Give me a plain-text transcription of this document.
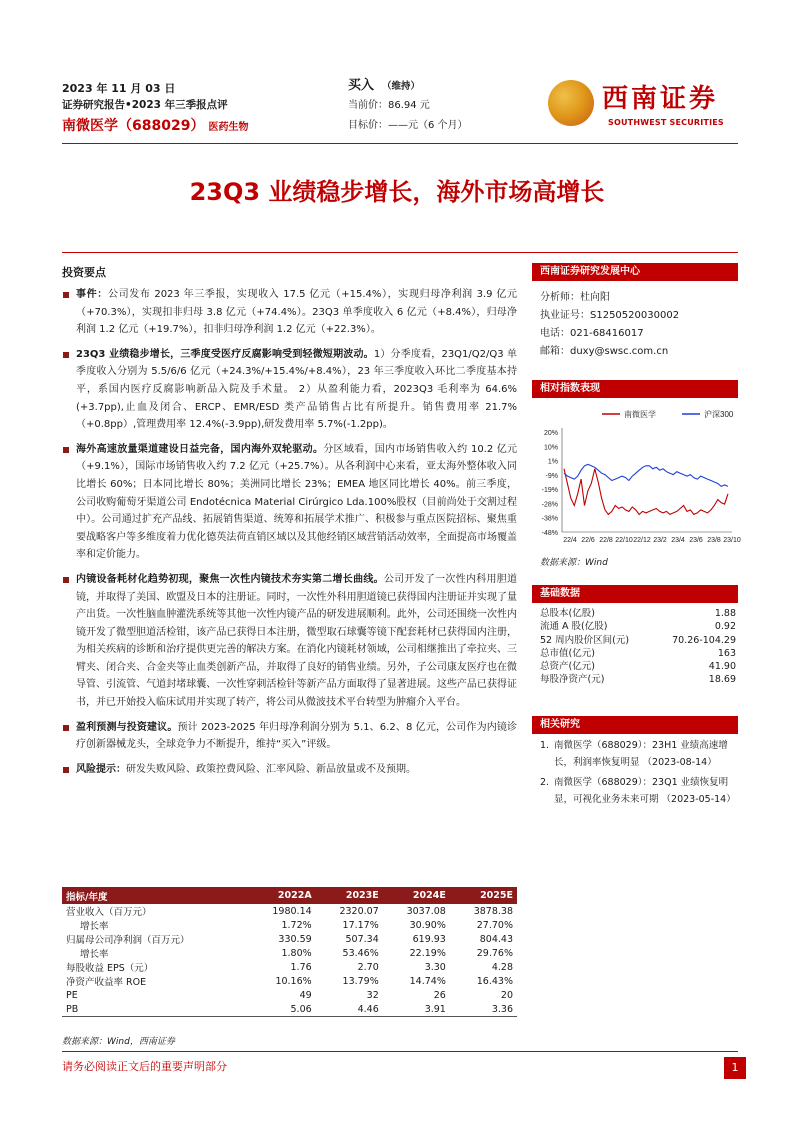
2023 年 11 月 03 日
证券研究报告•2023 年三季报点评
南微医学（688029） 医药生物
买入 （维持）
当前价：86.94 元
目标价：——元（6 个月）
西南证券
SOUTHWEST SECURITIES
23Q3 业绩稳步增长，海外市场高增长
投资要点

事件：公司发布 2023 年三季报，实现收入 17.5 亿元（+15.4%），实现归母净利润 3.9 亿元（+70.3%），实现扣非归母 3.8 亿元（+74.4%）。23Q3 单季度收入 6 亿元（+8.4%），归母净利润 1.2 亿元（+19.7%），扣非归母净利润 1.2 亿元（+22.3%）。

23Q3 业绩稳步增长，三季度受医疗反腐影响受到轻微短期波动。1）分季度看，23Q1/Q2/Q3 单季度收入分别为 5.5/6/6 亿元（+24.3%/+15.4%/+8.4%），23 年三季度收入环比二季度基本持平，系国内医疗反腐影响新品入院及手术量。 2）从盈利能力看，2023Q3 毛利率为 64.6%(+3.7pp),止血及闭合、ERCP、EMR/ESD 类产品销售占比有所提升。销售费用率 21.7%（+0.8pp）,管理费用率 12.4%(-3.9pp),研发费用率 5.7%(-1.2pp)。

海外高速放量渠道建设日益完备，国内海外双轮驱动。分区域看，国内市场销售收入约 10.2 亿元（+9.1%），国际市场销售收入约 7.2 亿元（+25.7%）。从各利润中心来看，亚太海外整体收入同比增长 60%；日本同比增长 80%；美洲同比增长 23%；EMEA 地区同比增长 40%。前三季度，公司收购葡萄牙渠道公司 Endotécnica Material Cirúrgico Lda.100%股权（目前尚处于交割过程中）。公司通过扩充产品线、拓展销售渠道、统筹和拓展学术推广、积极参与重点医院招标、聚焦重要战略客户等多维度着力优化德英法荷直销区域以及其他经销区域营销活动效率，全面提高市场覆盖率和定价能力。

内镜设备耗材化趋势初现，聚焦一次性内镜技术夯实第二增长曲线。公司开发了一次性内科用胆道镜，并取得了美国、欧盟及日本的注册证。同时，一次性外科用胆道镜已获得国内注册证并实现了量产出货。一次性脑血肿灌洗系统等其他一次性内镜产品的研发进展顺利。此外，公司还围绕一次性内镜开发了微型胆道活检钳，该产品已获得日本注册，微型取石球囊等镜下配套耗材已获得国内注册，为相关疾病的诊断和治疗提供更完善的解决方案。在消化内镜耗材领域，公司相继推出了牵拉夹、三臂夹、闭合夹、合金夹等止血类创新产品，并取得了良好的销售业绩。另外，子公司康友医疗也在微导管、引流管、气道封堵球囊、一次性穿刺活检针等新产品方面取得了显著进展。这些产品已获得证书，并已开始投入临床试用并实现了转产，将公司从微波技术平台转型为肿瘤介入平台。

盈利预测与投资建议。预计 2023-2025 年归母净利润分别为 5.1、6.2、8 亿元，公司作为内镜诊疗创新器械龙头，全球竞争力不断提升，维持“买入”评级。

风险提示：研发失败风险、政策控费风险、汇率风险、新品放量或不及预期。

西南证券研究发展中心
分析师：杜向阳
执业证号：S1250520030002
电话：021-68416017
邮箱：duxy@swsc.com.cn
相对指数表现
20%
10%
1%
-9%
-19%
-28%
-38%
-48%
22/4 22/6 22/8 22/10 22/12 23/2 23/4 23/6 23/8 23/10
南微医学	沪深300
数据来源：Wind
基础数据
总股本(亿股)	1.88
流通 A 股(亿股)	0.92
52 周内股价区间(元)	70.26-104.29
总市值(亿元)	163
总资产(亿元)	41.90
每股净资产(元)	18.69
相关研究
1. 南微医学（688029）：23H1 业绩高速增长，利润率恢复明显 （2023-08-14）
2. 南微医学（688029）：23Q1 业绩恢复明显，可视化业务未来可期 （2023-05-14）
指标/年度	2022A	2023E	2024E	2025E
营业收入（百万元）	1980.14	2320.07	3037.08	3878.38
增长率	1.72%	17.17%	30.90%	27.70%
归属母公司净利润（百万元）	330.59	507.34	619.93	804.43
增长率	1.80%	53.46%	22.19%	29.76%
每股收益 EPS（元）	1.76	2.70	3.30	4.28
净资产收益率 ROE	10.16%	13.79%	14.74%	16.43%
PE	49	32	26	20
PB	5.06	4.46	3.91	3.36
数据来源：Wind，西南证券
请务必阅读正文后的重要声明部分	1
